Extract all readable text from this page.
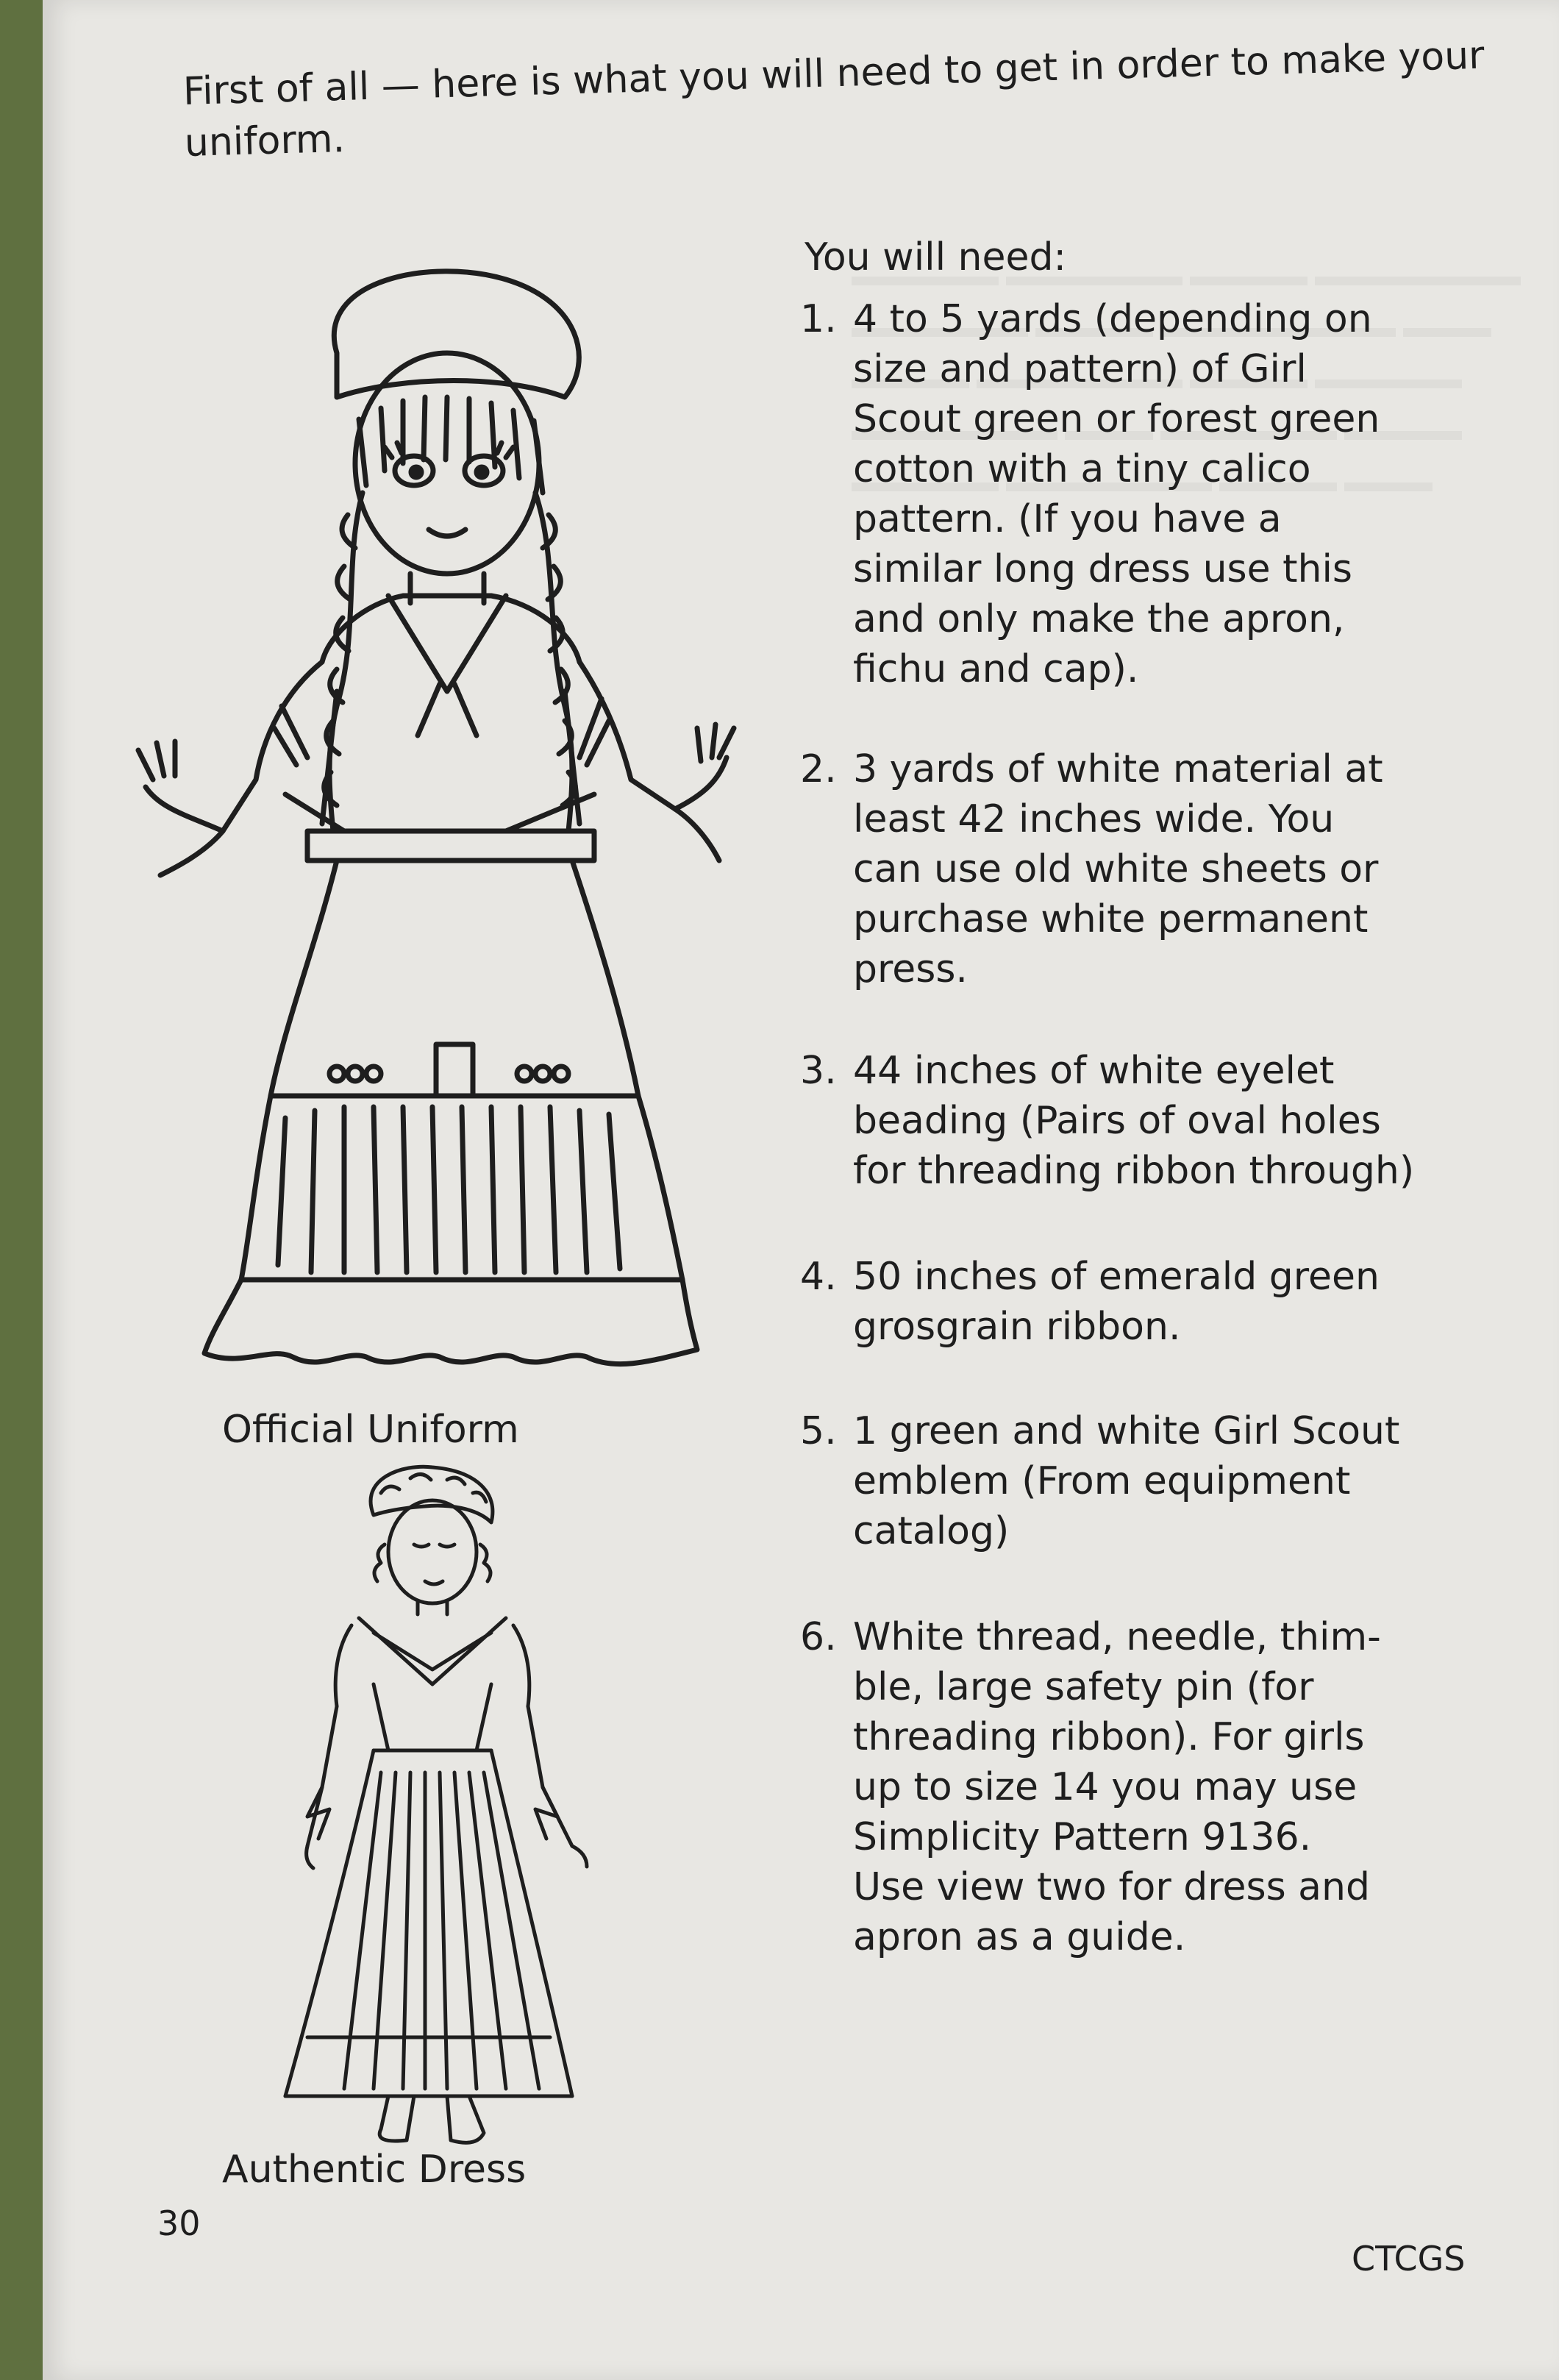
First of all — here is what you will need to get in order to make your uniform.
You will need:
1. 4 to 5 yards (depending on
size and pattern) of Girl
Scout green or forest green
cotton with a tiny calico
pattern. (If you have a
similar long dress use this
and only make the apron,
fichu and cap).
2. 3 yards of white material at
least 42 inches wide. You
can use old white sheets or
purchase white permanent
press.
3. 44 inches of white eyelet
beading (Pairs of oval holes
for threading ribbon through)
4. 50 inches of emerald green
grosgrain ribbon.
5. 1 green and white Girl Scout
emblem (From equipment
catalog)
6. White thread, needle, thim-
ble, large safety pin (for
threading ribbon). For girls
up to size 14 you may use
Simplicity Pattern 9136.
Use view two for dress and
apron as a guide.
Official Uniform
Authentic Dress
30
CTCGS
